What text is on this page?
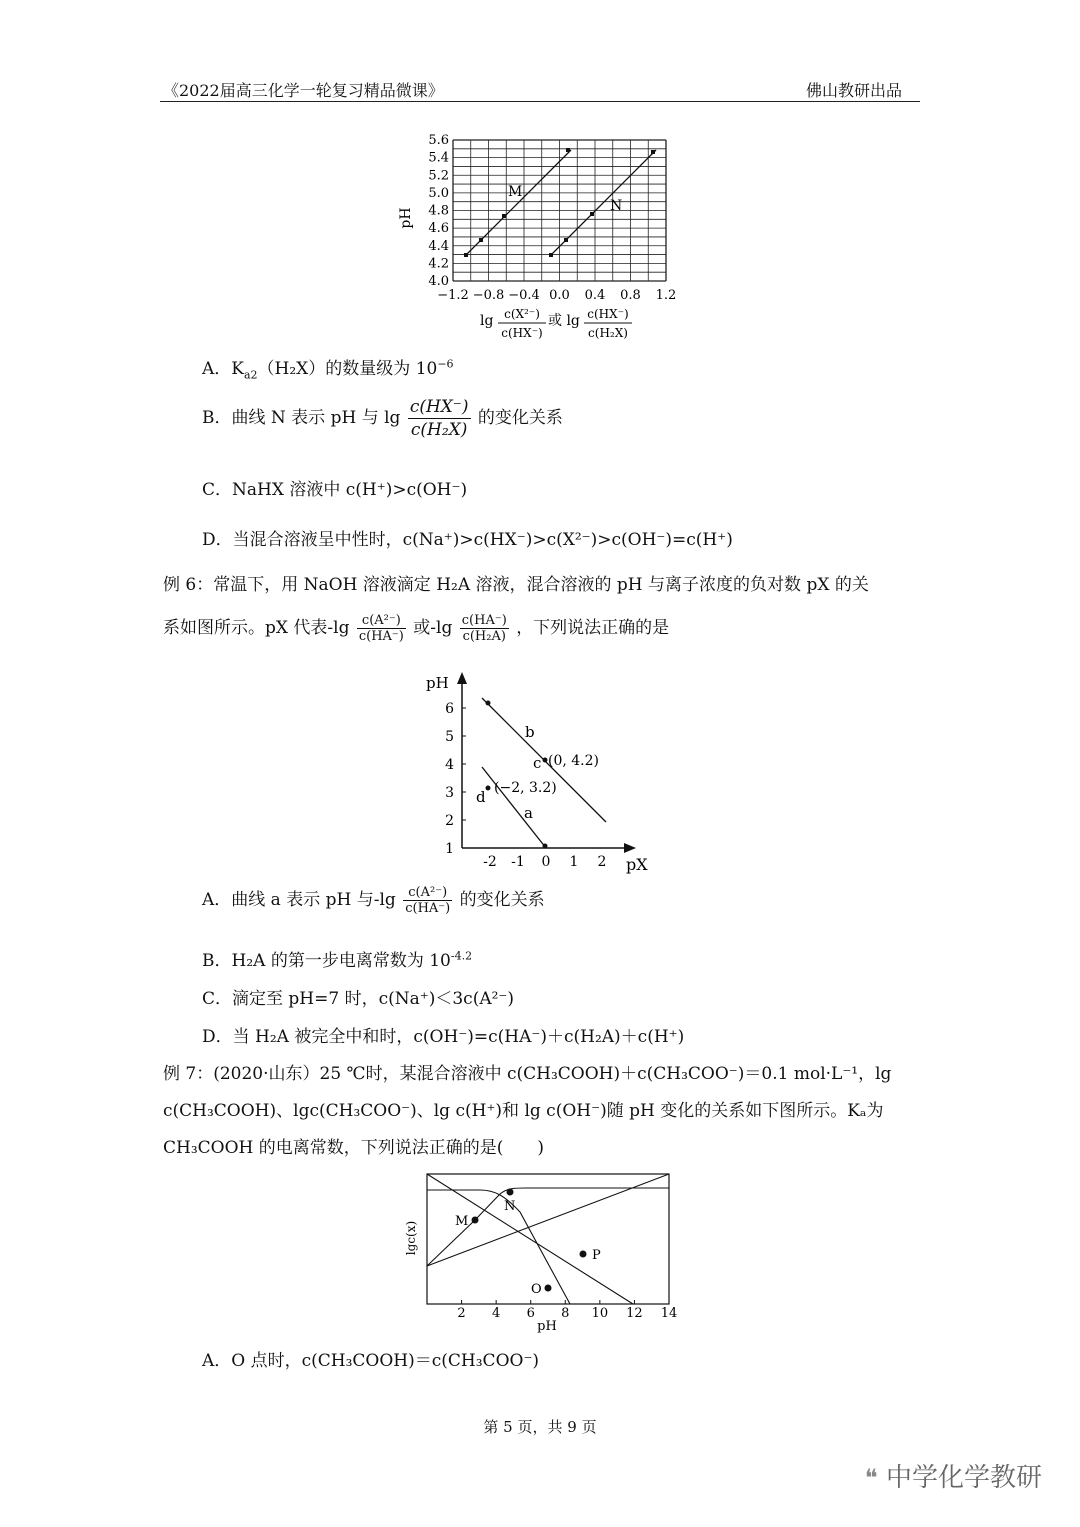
《2022届高三化学一轮复习精品微课》	佛山教研出品
4.0
4.2
4.4
4.6
4.8
5.0
5.2
5.4
5.6
−1.2 −0.8 −0.4 0.0 0.4 0.8 1.2
pH
M
N
lg c(X²⁻)
c(HX⁻)
或 lg c(HX⁻)
c(H₂X)
A．$K_{a2}(H_2X)$的数量级为 $10^{-6}$
B．曲线 N 表示 pH 与 $\lg \frac{c(HX^-)}{\text{c(H₂X)}}$ 的变化关系
C．NaHX 溶液中 c(H⁺)>c(OH⁻)
D．当混合溶液呈中性时，c(Na⁺)>c(HX⁻)>c(X²⁻)>c(OH⁻)=c(H⁺)
例 6：常温下，用 NaOH 溶液滴定 H₂A 溶液，混合溶液的 pH 与离子浓度的负对数 pX 的关
系如图所示。pX 代表$-\lg \frac{\text{c(A²⁻)}}{c(HA^-)}$ 或$-\lg \frac{c(HA^-)}{\text{c(H₂A)}}$ ，下列说法正确的是
pH
pX
1
2
3
4
5
6
-2 -1 0 1 2
b
c (0, 4.2)
d (−2, 3.2)
a
A．曲线 a 表示 pH 与$-\lg \frac{\text{c(A²⁻)}}{c(HA^-)}$ 的变化关系
B．H₂A 的第一步电离常数为 $10^{-4.2}$
C．滴定至 pH=7 时，c(Na⁺)＜3c(A²⁻)
D．当 H₂A 被完全中和时，c(OH⁻)=c(HA⁻)＋c(H₂A)＋c(H⁺)
例 7：(2020·山东）25 ℃时，某混合溶液中 c(CH₃COOH)＋c(CH₃COO⁻)＝0.1 mol·L⁻¹，lg
c(CH₃COOH)、lgc(CH₃COO⁻)、lg c(H⁺)和 lg c(OH⁻)随 pH 变化的关系如下图所示。Kₐ为
CH₃COOH 的电离常数，下列说法正确的是(　　)
lgc(x)
pH
2 4 6 8 10 12 14
M
N
P
O
A．O 点时，c(CH₃COOH)＝c(CH₃COO⁻)
第 5 页，共 9 页
❝ 中学化学教研
